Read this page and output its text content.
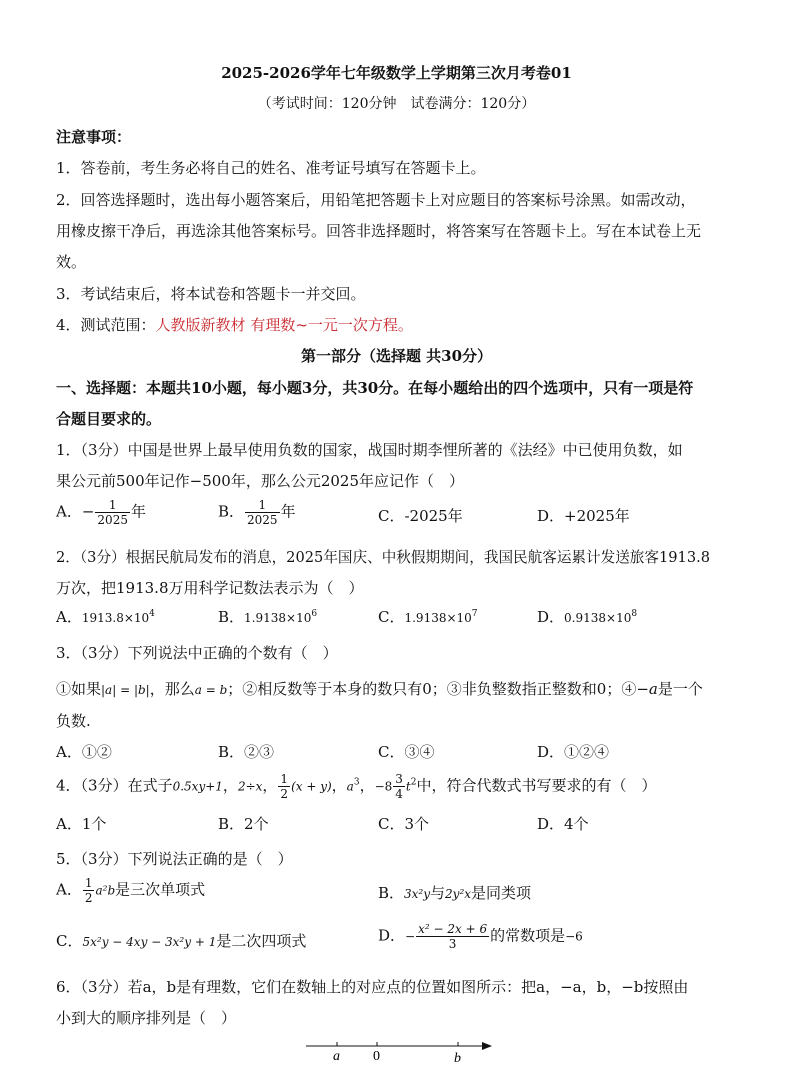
2025-2026学年七年级数学上学期第三次月考卷01
（考试时间：120分钟　试卷满分：120分）
注意事项：
1．答卷前，考生务必将自己的姓名、准考证号填写在答题卡上。
2．回答选择题时，选出每小题答案后，用铅笔把答题卡上对应题目的答案标号涂黑。如需改动，
用橡皮擦干净后，再选涂其他答案标号。回答非选择题时，将答案写在答题卡上。写在本试卷上无
效。
3．考试结束后，将本试卷和答题卡一并交回。
4．测试范围：人教版新教材 有理数~一元一次方程。
第一部分（选择题 共30分）
一、选择题：本题共10小题，每小题3分，共30分。在每小题给出的四个选项中，只有一项是符
合题目要求的。
1．（3分）中国是世界上最早使用负数的国家，战国时期李悝所著的《法经》中已使用负数，如
果公元前500年记作−500年，那么公元2025年应记作（　）
A．− $\frac{1}{2025}$ 年	B． $\frac{1}{2025}$ 年	C．-2025年	D．+2025年
2．（3分）根据民航局发布的消息，2025年国庆、中秋假期期间，我国民航客运累计发送旅客1913.8
万次，把1913.8万用科学记数法表示为（　）
A．$1913.8\times 10^4$	B．$1.9138\times 10^6$	C．$1.9138\times 10^7$	D．$0.9138\times 10^8$
3．（3分）下列说法中正确的个数有（　）
①如果|a| = |b|，那么a = b；②相反数等于本身的数只有0；③非负整数指正整数和0；④−a是一个
负数.
A．①②	B．②③	C．③④	D．①②④
4．（3分）在式子0.5xy+1，2÷x， $\frac{1}{2} (x + y)$，$a^3$，$-8 \frac{3}{4} t^2$中，符合代数式书写要求的有（　）
A．1个	B．2个	C．3个	D．4个
5．（3分）下列说法正确的是（　）
A． $\frac{1}{2} a^2b$是三次单项式	B．3x²y与2y²x是同类项
C．5x²y − 4xy − 3x²y + 1是二次四项式	D．− $\frac{\text{x² − 2x + 6}}{3}$ 的常数项是−6
6．（3分）若a，b是有理数，它们在数轴上的对应点的位置如图所示：把a，−a，b，−b按照由
小到大的顺序排列是（　）
a 0	b
